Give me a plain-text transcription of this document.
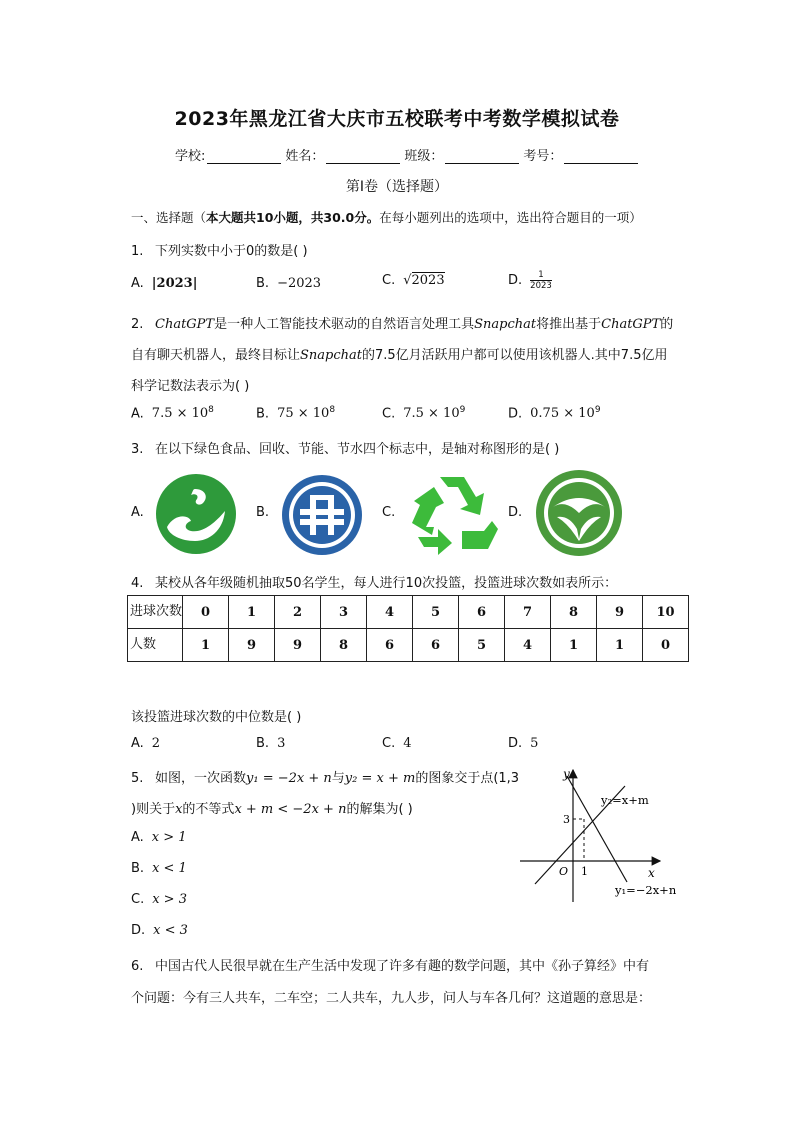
2023年黑龙江省大庆市五校联考中考数学模拟试卷
学校:	姓名：	班级：	考号：
第I卷（选择题）
一、选择题（本大题共10小题，共30.0分。在每小题列出的选项中，选出符合题目的一项）
1. 下列实数中小于0的数是( )
A. |2023|	B. −2023	C. √2023	D. $\frac{1}{2023}$
2. ChatGPT是一种人工智能技术驱动的自然语言处理工具Snapchat将推出基于ChatGPT的
自有聊天机器人，最终目标让Snapchat的7.5亿月活跃用户都可以使用该机器人.其中7.5亿用
科学记数法表示为( )
A. $7.5 \times 10^8$	B. $75 \times 10^8$	C. $7.5 \times 10^9$	D. $0.75 \times 10^9$
3. 在以下绿色食品、回收、节能、节水四个标志中，是轴对称图形的是( )
A.	B.	C.	D.
4. 某校从各年级随机抽取50名学生，每人进行10次投篮，投篮进球次数如表所示：
进球次数	0	1	2	3	4	5	6	7	8	9	10
人数	1	9	9	8	6	6	5	4	1	1	0
该投篮进球次数的中位数是( )
A. 2	B. 3	C. 4	D. 5
5. 如图，一次函数y₁ = −2x + n与y₂ = x + m的图象交于点(1,3
)则关于x的不等式x + m < −2x + n的解集为( )
A. x > 1
B. x < 1
C. x > 3
D. x < 3
y
x
O
3
1
y₂=x+m
y₁=−2x+n
6. 中国古代人民很早就在生产生活中发现了许多有趣的数学问题，其中《孙子算经》中有
个问题：今有三人共车，二车空；二人共车，九人步，问人与车各几何？这道题的意思是：
